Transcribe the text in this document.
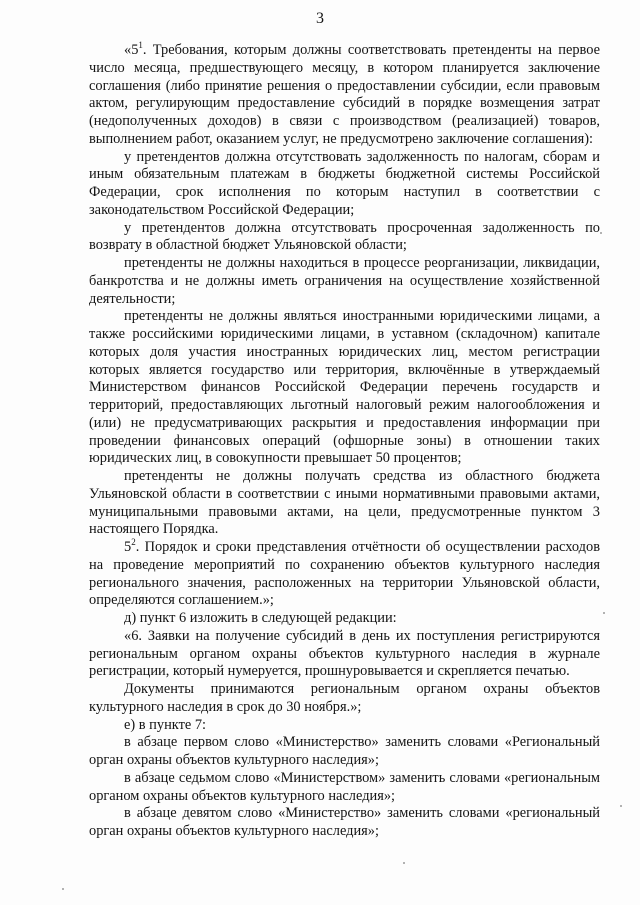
3

«$5^1$. Требования, которым должны соответствовать претенденты на первое число месяца, предшествующего месяцу, в котором планируется заключение соглашения (либо принятие решения о предоставлении субсидии, если правовым актом, регулирующим предоставление субсидий в порядке возмещения затрат (недополученных доходов) в связи с производством (реализацией) товаров, выполнением работ, оказанием услуг, не предусмотрено заключение соглашения):

у претендентов должна отсутствовать задолженность по налогам, сборам и иным обязательным платежам в бюджеты бюджетной системы Российской Федерации, срок исполнения по которым наступил в соответствии с законодательством Российской Федерации;

у претендентов должна отсутствовать просроченная задолженность по возврату в областной бюджет Ульяновской области;

претенденты не должны находиться в процессе реорганизации, ликвидации, банкротства и не должны иметь ограничения на осуществление хозяйственной деятельности;

претенденты не должны являться иностранными юридическими лицами, а также российскими юридическими лицами, в уставном (складочном) капитале которых доля участия иностранных юридических лиц, местом регистрации которых является государство или территория, включённые в утверждаемый Министерством финансов Российской Федерации перечень государств и территорий, предоставляющих льготный налоговый режим налогообложения и (или) не предусматривающих раскрытия и предоставления информации при проведении финансовых операций (офшорные зоны) в отношении таких юридических лиц, в совокупности превышает 50 процентов;

претенденты не должны получать средства из областного бюджета Ульяновской области в соответствии с иными нормативными правовыми актами, муниципальными правовыми актами, на цели, предусмотренные пунктом 3 настоящего Порядка.

$5^2$. Порядок и сроки представления отчётности об осуществлении расходов на проведение мероприятий по сохранению объектов культурного наследия регионального значения, расположенных на территории Ульяновской области, определяются соглашением.»;

д) пункт 6 изложить в следующей редакции:

«6. Заявки на получение субсидий в день их поступления регистрируются региональным органом охраны объектов культурного наследия в журнале регистрации, который нумеруется, прошнуровывается и скрепляется печатью.

Документы принимаются региональным органом охраны объектов культурного наследия в срок до 30 ноября.»;

е) в пункте 7:

в абзаце первом слово «Министерство» заменить словами «Региональный орган охраны объектов культурного наследия»;

в абзаце седьмом слово «Министерством» заменить словами «региональным органом охраны объектов культурного наследия»;

в абзаце девятом слово «Министерство» заменить словами «региональный орган охраны объектов культурного наследия»;
